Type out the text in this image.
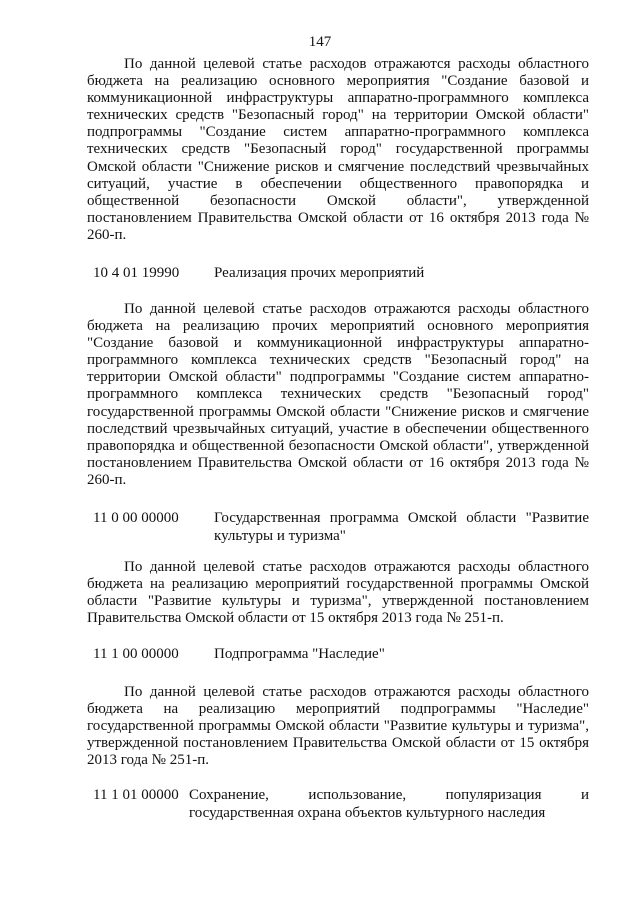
147

По данной целевой статье расходов отражаются расходы областного бюджета на реализацию основного мероприятия "Создание базовой и коммуникационной инфраструктуры аппаратно-программного комплекса технических средств "Безопасный город" на территории Омской области" подпрограммы "Создание систем аппаратно-программного комплекса технических средств "Безопасный город" государственной программы Омской области "Снижение рисков и смягчение последствий чрезвычайных ситуаций, участие в обеспечении общественного правопорядка и общественной безопасности Омской области", утвержденной постановлением Правительства Омской области от 16 октября 2013 года № 260-п.

10 4 01 19990	Реализация прочих мероприятий

По данной целевой статье расходов отражаются расходы областного бюджета на реализацию прочих мероприятий основного мероприятия "Создание базовой и коммуникационной инфраструктуры аппаратно-программного комплекса технических средств "Безопасный город" на территории Омской области" подпрограммы "Создание систем аппаратно-программного комплекса технических средств "Безопасный город" государственной программы Омской области "Снижение рисков и смягчение последствий чрезвычайных ситуаций, участие в обеспечении общественного правопорядка и общественной безопасности Омской области", утвержденной постановлением Правительства Омской области от 16 октября 2013 года № 260-п.

11 0 00 00000	Государственная программа Омской области "Развитие культуры и туризма"

По данной целевой статье расходов отражаются расходы областного бюджета на реализацию мероприятий государственной программы Омской области "Развитие культуры и туризма", утвержденной постановлением Правительства Омской области от 15 октября 2013 года № 251-п.

11 1 00 00000	Подпрограмма "Наследие"

По данной целевой статье расходов отражаются расходы областного бюджета на реализацию мероприятий подпрограммы "Наследие" государственной программы Омской области "Развитие культуры и туризма", утвержденной постановлением Правительства Омской области от 15 октября 2013 года № 251-п.

11 1 01 00000 Сохранение, использование, популяризация и государственная охрана объектов культурного наследия
